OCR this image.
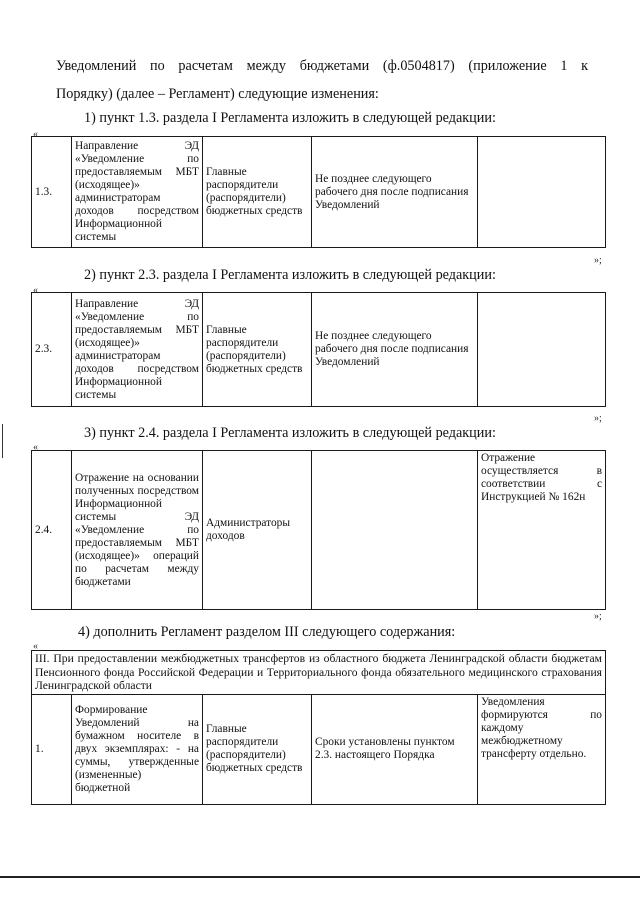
Уведомлений по расчетам между бюджетами (ф.0504817) (приложение 1 к
Порядку) (далее – Регламент) следующие изменения:
1) пункт 1.3. раздела I Регламента изложить в следующей редакции:
«
1.3.	Направление ЭД «Уведомление по предоставляемым МБТ (исходящее)» администраторам доходов посредством Информационной системы	Главные распорядители (распорядители) бюджетных средств	Не позднее следующего рабочего дня после подписания Уведомлений	
»;
2) пункт 2.3. раздела I Регламента изложить в следующей редакции:
«
2.3.	Направление ЭД «Уведомление по предоставляемым МБТ (исходящее)» администраторам доходов посредством Информационной системы	Главные распорядители (распорядители) бюджетных средств	Не позднее следующего рабочего дня после подписания Уведомлений	
»;
3) пункт 2.4. раздела I Регламента изложить в следующей редакции:
«
2.4.	Отражение на основании полученных посредством Информационной системы ЭД «Уведомление по предоставляемым МБТ (исходящее)» операций по расчетам между бюджетами	Администраторы доходов		Отражение осуществляется в соответствии с Инструкцией № 162н
»;
4) дополнить Регламент разделом III следующего содержания:
«
III. При предоставлении межбюджетных трансфертов из областного бюджета Ленинградской области бюджетам Пенсионного фонда Российской Федерации и Территориального фонда обязательного медицинского страхования Ленинградской области
1.	Формирование Уведомлений на бумажном носителе в двух экземплярах: - на суммы, утвержденные (измененные) бюджетной	Главные распорядители (распорядители) бюджетных средств	Сроки установлены пунктом 2.3. настоящего Порядка	Уведомления формируются по каждому межбюджетному трансферту отдельно.
